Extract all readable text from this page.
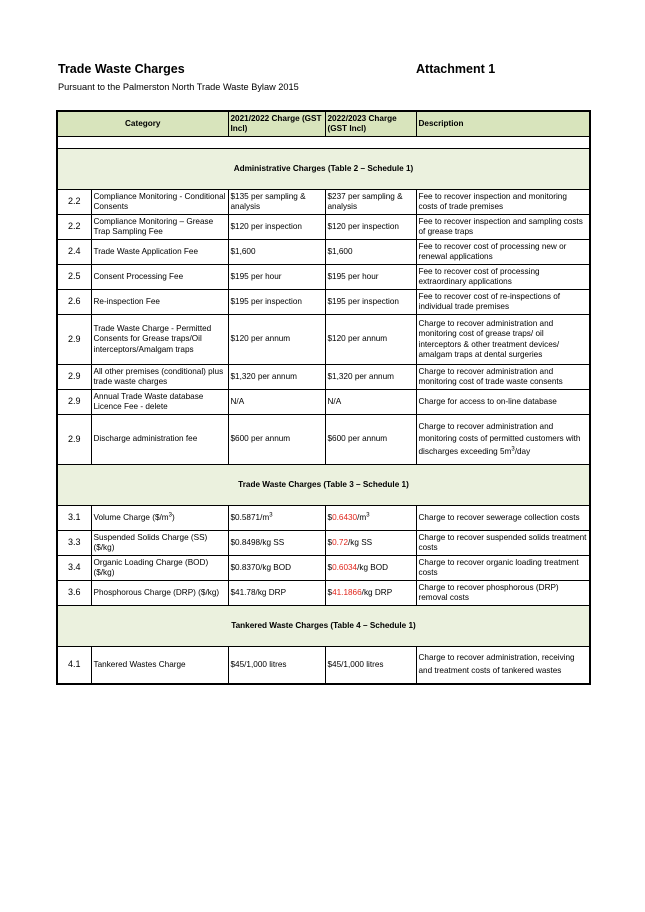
Trade Waste Charges	Attachment 1
Pursuant to the Palmerston North Trade Waste Bylaw 2015
Category		2021/2022 Charge (GST Incl)	2022/2023 Charge (GST Incl)	Description

Administrative Charges (Table 2 – Schedule 1)				
2.2	Compliance Monitoring - Conditional Consents	$135 per sampling & analysis	$237 per sampling & analysis	Fee to recover inspection and monitoring costs of trade premises
2.2	Compliance Monitoring – Grease Trap Sampling Fee	$120 per inspection	$120 per inspection	Fee to recover inspection and sampling costs of grease traps
2.4	Trade Waste Application Fee	$1,600	$1,600	Fee to recover cost of processing new or renewal applications
2.5	Consent Processing Fee	$195 per hour	$195 per hour	Fee to recover cost of processing extraordinary applications
2.6	Re-inspection Fee	$195 per inspection	$195 per inspection	Fee to recover cost of re-inspections of individual trade premises
2.9	Trade Waste Charge - Permitted Consents for Grease traps/Oil interceptors/Amalgam traps	$120 per annum	$120 per annum	Charge to recover administration and monitoring cost of grease traps/ oil interceptors & other treatment devices/ amalgam traps at dental surgeries
2.9	All other premises (conditional) plus trade waste charges	$1,320 per annum	$1,320 per annum	Charge to recover administration and monitoring cost of trade waste consents
2.9	Annual Trade Waste database Licence Fee - delete	N/A	N/A	Charge for access to on-line database
2.9	Discharge administration fee	$600 per annum	$600 per annum	Charge to recover administration and monitoring costs of permitted customers with discharges exceeding $5m^3$/day
Trade Waste Charges (Table 3 – Schedule 1)				
3.1	Volume Charge $(\$/m^3)$	$\$0.5871/m^3$	$\$0.6430/m^3$	Charge to recover sewerage collection costs
3.3	Suspended Solids Charge (SS) ($/kg)	$0.8498/kg SS	$0.72/kg SS	Charge to recover suspended solids treatment costs
3.4	Organic Loading Charge (BOD) ($/kg)	$0.8370/kg BOD	$0.6034/kg BOD	Charge to recover organic loading treatment costs
3.6	Phosphorous Charge (DRP) ($/kg)	$41.78/kg DRP	$41.1866/kg DRP	Charge to recover phosphorous (DRP) removal costs
Tankered Waste Charges (Table 4 – Schedule 1)				
4.1	Tankered Wastes Charge	$45/1,000 litres	$45/1,000 litres	Charge to recover administration, receiving and treatment costs of tankered wastes
